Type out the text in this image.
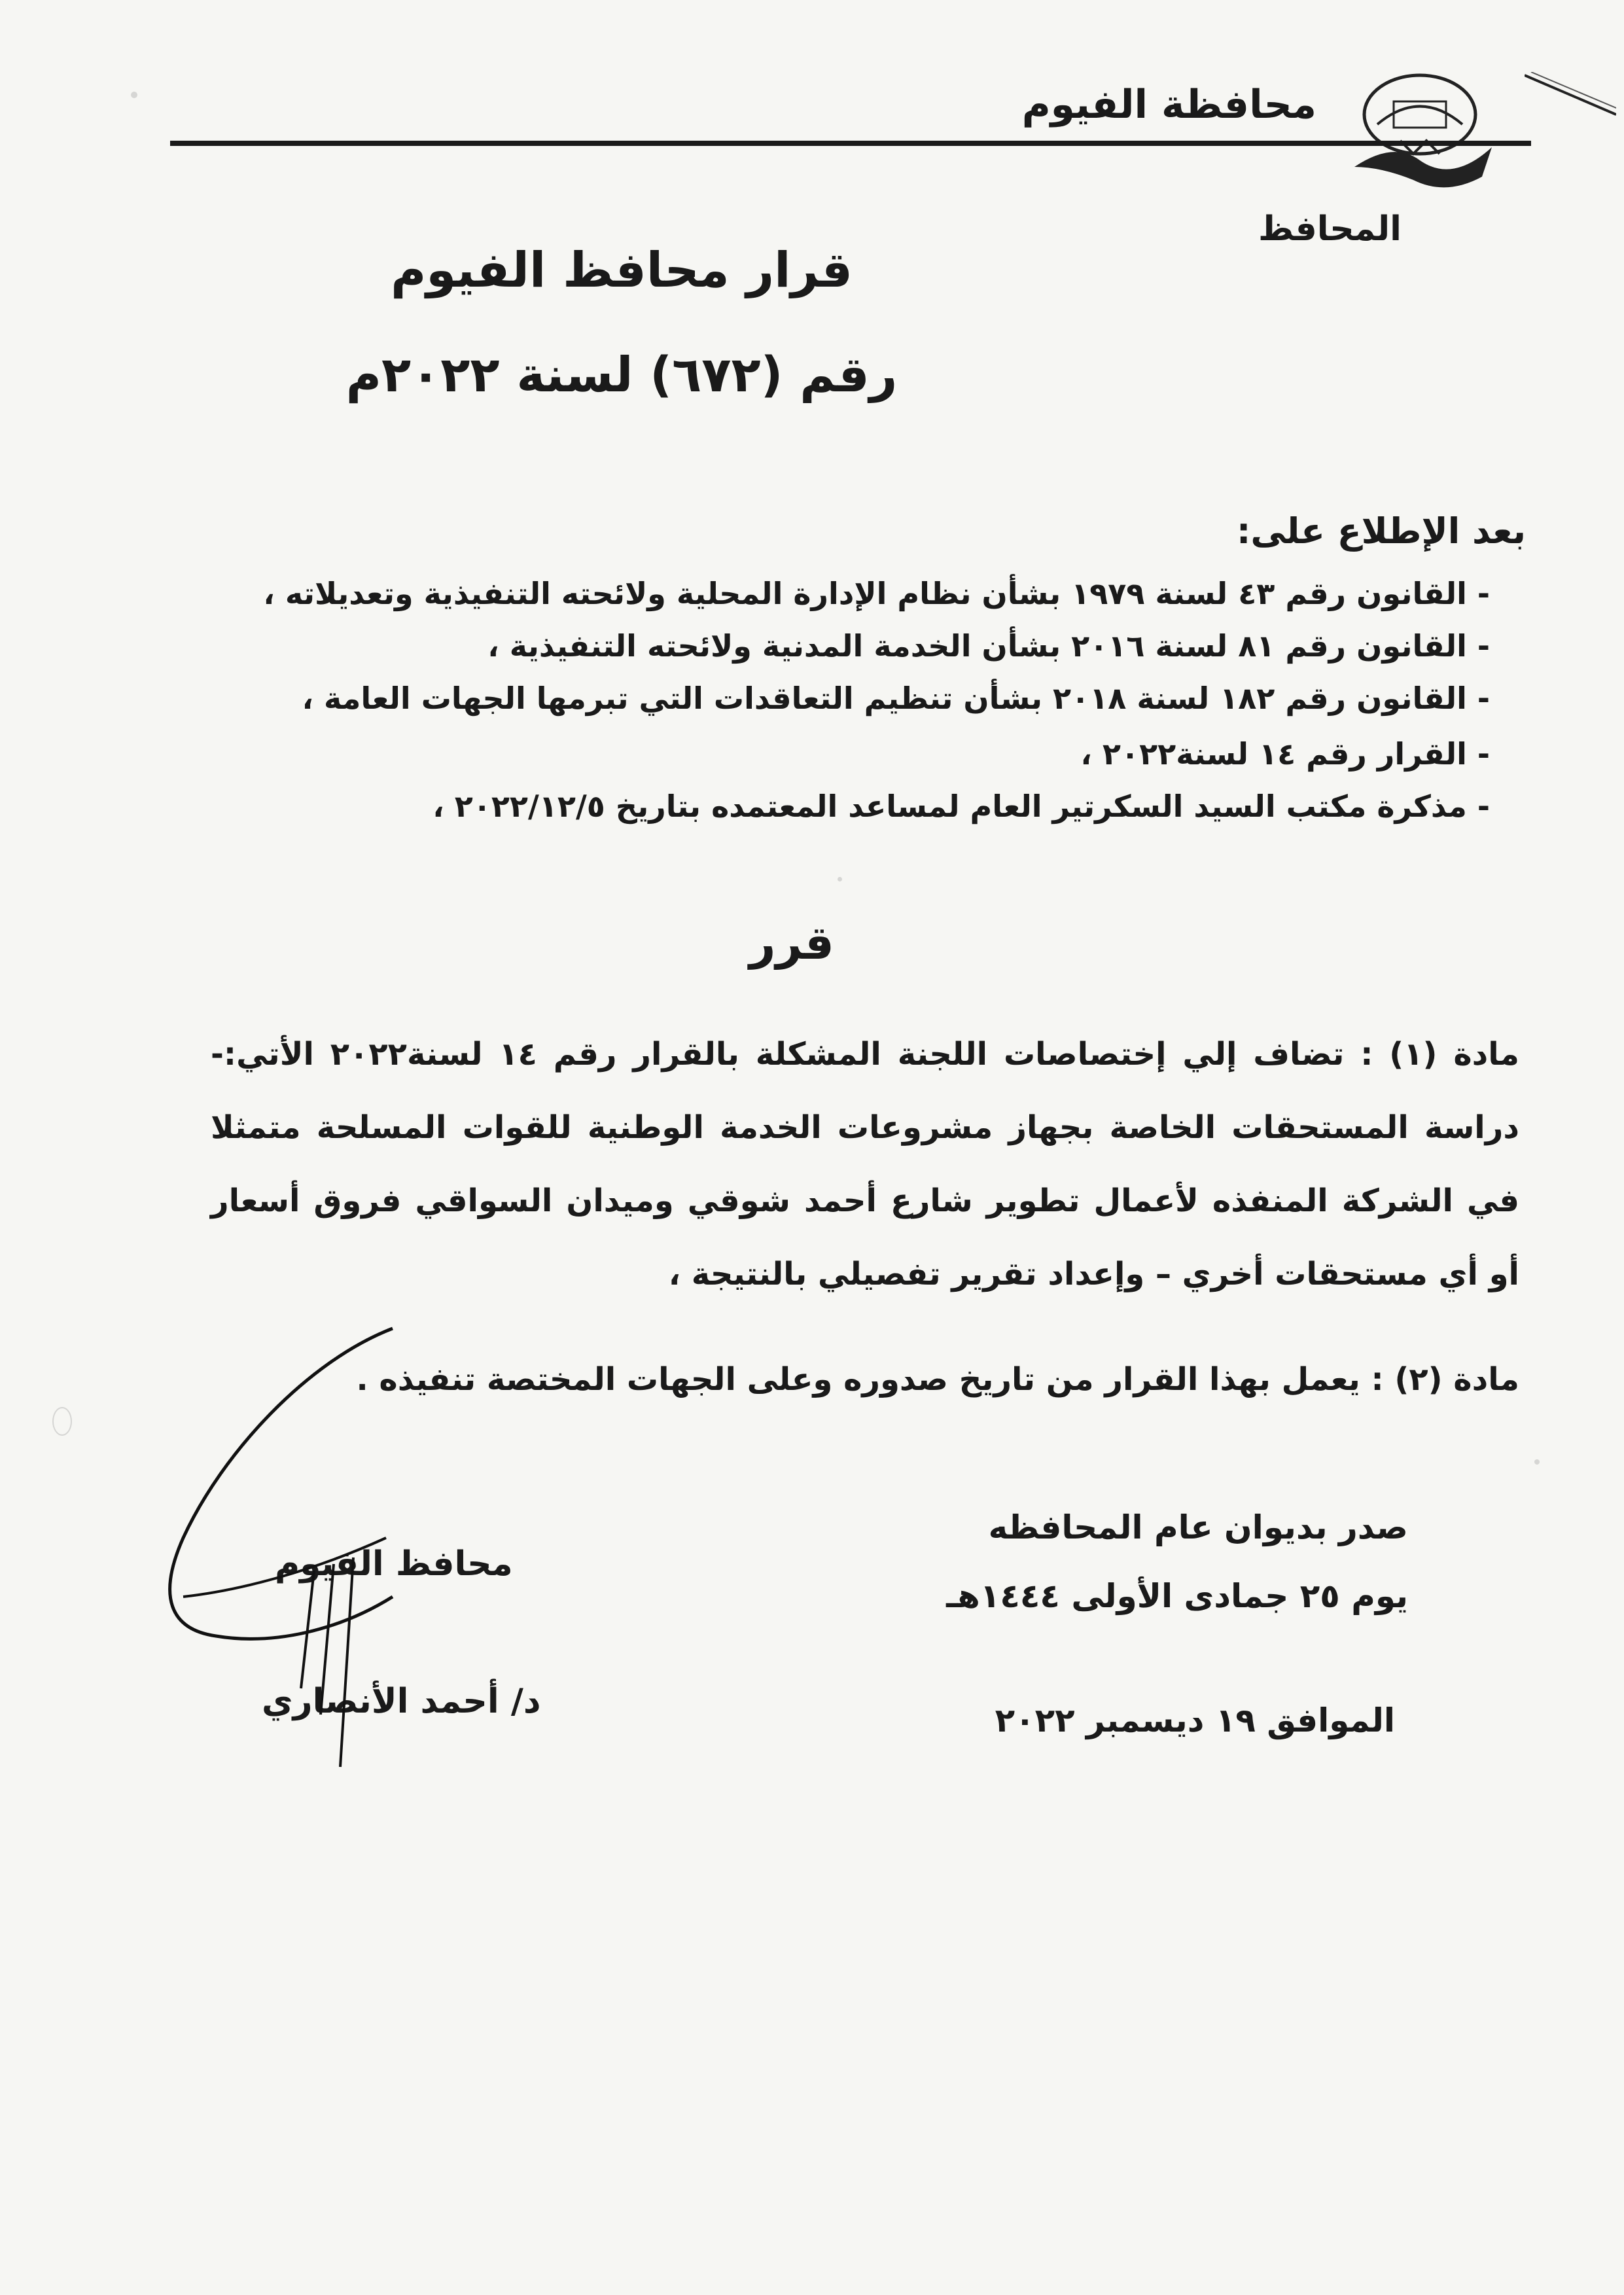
محافظة الفيوم
المحافظ
قرار محافظ الفيوم
رقم (٦٧٢) لسنة ٢٠٢٢م
بعد الإطلاع على:
- القانون رقم ٤٣ لسنة ١٩٧٩ بشأن نظام الإدارة المحلية ولائحته التنفيذية وتعديلاته ،
- القانون رقم ٨١ لسنة ٢٠١٦ بشأن الخدمة المدنية ولائحته التنفيذية ،
- القانون رقم ١٨٢ لسنة ٢٠١٨ بشأن تنظيم التعاقدات التي تبرمها الجهات العامة ،
- القرار رقم ١٤ لسنة٢٠٢٢ ،
- مذكرة مكتب السيد السكرتير العام لمساعد المعتمده بتاريخ ٢٠٢٢/١٢/٥ ،
قرر
مادة (١) : تضاف إلي إختصاصات اللجنة المشكلة بالقرار رقم ١٤ لسنة٢٠٢٢ الأتي:- دراسة المستحقات الخاصة بجهاز مشروعات الخدمة الوطنية للقوات المسلحة متمثلا في الشركة المنفذه لأعمال تطوير شارع أحمد شوقي وميدان السواقي فروق أسعار أو أي مستحقات أخري – وإعداد تقرير تفصيلي بالنتيجة ،
مادة (٢) : يعمل بهذا القرار من تاريخ صدوره وعلى الجهات المختصة تنفيذه .
صدر بديوان عام المحافظه
يوم ٢٥ جمادى الأولى ١٤٤٤هـ
الموافق ١٩ ديسمبر ٢٠٢٢
محافظ الفيوم
د/ أحمد الأنصاري
